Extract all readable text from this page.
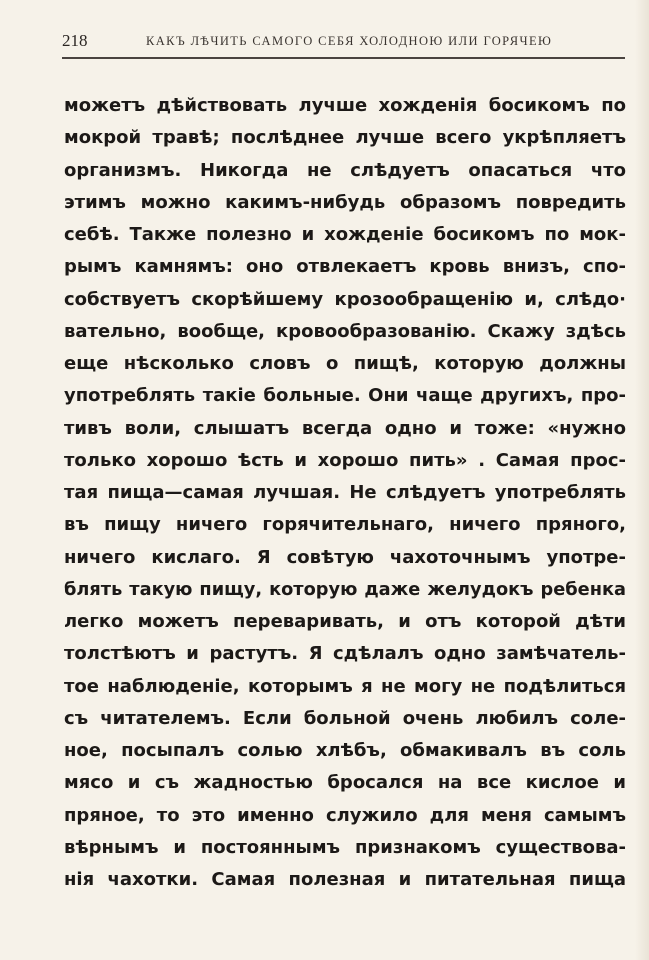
218	КАКЪ ЛѢЧИТЬ САМОГО СЕБЯ ХОЛОДНОЮ ИЛИ ГОРЯЧЕЮ
можетъ дѣйствовать лучше хожденія босикомъ по
мокрой травѣ; послѣднее лучше всего укрѣпляетъ
организмъ. Никогда не слѣдуетъ опасаться что
этимъ можно какимъ-нибудь образомъ повредить
себѣ. Также полезно и хожденіе босикомъ по мок-
рымъ камнямъ: оно отвлекаетъ кровь внизъ, спо-
собствуетъ скорѣйшему крозообращенію и, слѣдо·
вательно, вообще, кровообразованію. Скажу здѣсь
еще нѣсколько словъ о пищѣ, которую должны
употреблять такіе больные. Они чаще другихъ, про-
тивъ воли, слышатъ всегда одно и тоже: «нужно
только хорошо ѣсть и хорошо пить» . Самая прос-
тая пища—самая лучшая. Не слѣдуетъ употреблять
въ пищу ничего горячительнаго, ничего пряного,
ничего кислаго. Я совѣтую чахоточнымъ употре-
блять такую пищу, которую даже желудокъ ребенка
легко можетъ переваривать, и отъ которой дѣти
толстѣютъ и растутъ. Я сдѣлалъ одно замѣчатель-
тое наблюденіе, которымъ я не могу не подѣлиться
съ читателемъ. Если больной очень любилъ соле-
ное, посыпалъ солью хлѣбъ, обмакивалъ въ соль
мясо и съ жадностью бросался на все кислое и
пряное, то это именно служило для меня самымъ
вѣрнымъ и постояннымъ признакомъ существова-
нія чахотки. Самая полезная и питательная пища
